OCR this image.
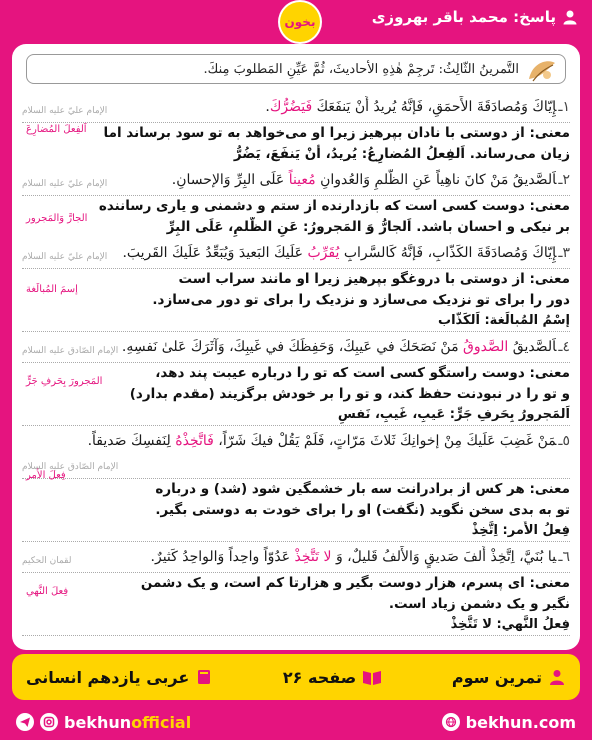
پاسخ: محمد باقر بهروزی
بخون
التَّمرينُ الثّالِثُ: تَرجِمْ هٰذِهِ الأحاديثَ، ثُمَّ عَيِّنِ المَطلوبَ مِنكَ.
١ـإِيّاكَ وَمُصادَقَةَ الأَحمَقِ، فَإنَّهُ يُريدُ أَنْ يَنفَعَكَ فَيَضُرُّكَ.
الإمام عليّ عليه السلام
معنی: از دوستی با نادان بپرهیز زیرا او می‌خواهد به تو سود برساند اما
زیان می‌رساند. اَلفِعلُ المُضارِعُ: يُريدُ، أَنْ يَنفَعَ، يَضُرُّ
اَلفِعلَ المُضارِعَ
٢ـاَلصَّديقُ مَنْ كانَ ناهِياً عَنِ الظُّلمِ وَالعُدوانِ مُعيناً عَلَى البِرِّ وَالإحسانِ.
الإمام عليّ عليه السلام
معنی: دوست کسی است که بازدارنده از ستم و دشمنی و یاری رساننده
بر نیکی و احسان باشد. اَلجارُّ وَ المَجرورُ: عَنِ الظُّلمِ، عَلَى البِرِّ
الجارَّ وَالمَجرور
٣ـإِيّاكَ وَمُصادَقَةَ الكَذّابِ، فَإنَّهُ كَالسَّرابِ يُقَرِّبُ عَلَيكَ البَعيدَ وَيُبَعِّدُ عَلَيكَ القَريبَ.
الإمام عليّ عليه السلام
معنی: از دوستی با دروغگو بپرهیز زیرا او مانند سراب است
دور را برای تو نزدیک می‌سازد و نزدیک را برای تو دور می‌سازد.
إسْمُ المُبالَغة: اَلكَذّاب
إسمَ المُبالَغة
٤ـاَلصَّديقُ الصَّدوقُ مَنْ نَصَحَكَ في عَيبِكَ، وَحَفِظَكَ في غَيبِكَ، وَآثَرَكَ عَلىٰ نَفسِهِ.
الإمام الصّادق عليه السلام
معنی: دوست راستگو کسی است که تو را درباره عیبت پند دهد،
و تو را در نبودنت حفظ کند، و تو را بر خودش برگزیند (مقدم بدارد)
اَلمَجرورُ بِحَرفِ جَرٍّ: عَيبِ، غَيبِ، نَفسِ
المَجرورَ بِحَرفِ جَرٍّ
٥ـمَنْ غَضِبَ عَلَيكَ مِنْ إخوانِكَ ثَلاثَ مَرّاتٍ، فَلَمْ يَقُلْ فيكَ شَرّاً، فَاتَّخِذْهُ لِنَفسِكَ صَديقاً.
الإمام الصّادق عليه السلام
معنی: هر کس از برادرانت سه بار خشمگین شود (شد) و درباره
تو به بدی سخن نگوید (نگفت) او را برای خودت به دوستی بگیر.
فِعلُ الأَمر: اِتَّخِذْ
فِعلَ الأمر
٦ـيا بُنَيَّ، اِتَّخِذْ أَلفَ صَديقٍ وَالأَلفُ قَليلٌ، وَ لا تَتَّخِذْ عَدُوّاً واحِداً وَالواحِدُ كَثيرٌ.
لقمان الحكيم
معنی: ای پسرم، هزار دوست بگیر و هزارتا کم است، و یک دشمن
نگیر و یک دشمن زیاد است.
فِعلُ النَّهي: لا تَتَّخِذْ
فِعلَ النَّهي
تمرین سوم
صفحه ۲۶
عربی یازدهم انسانی
bekhunofficial	bekhun.com
